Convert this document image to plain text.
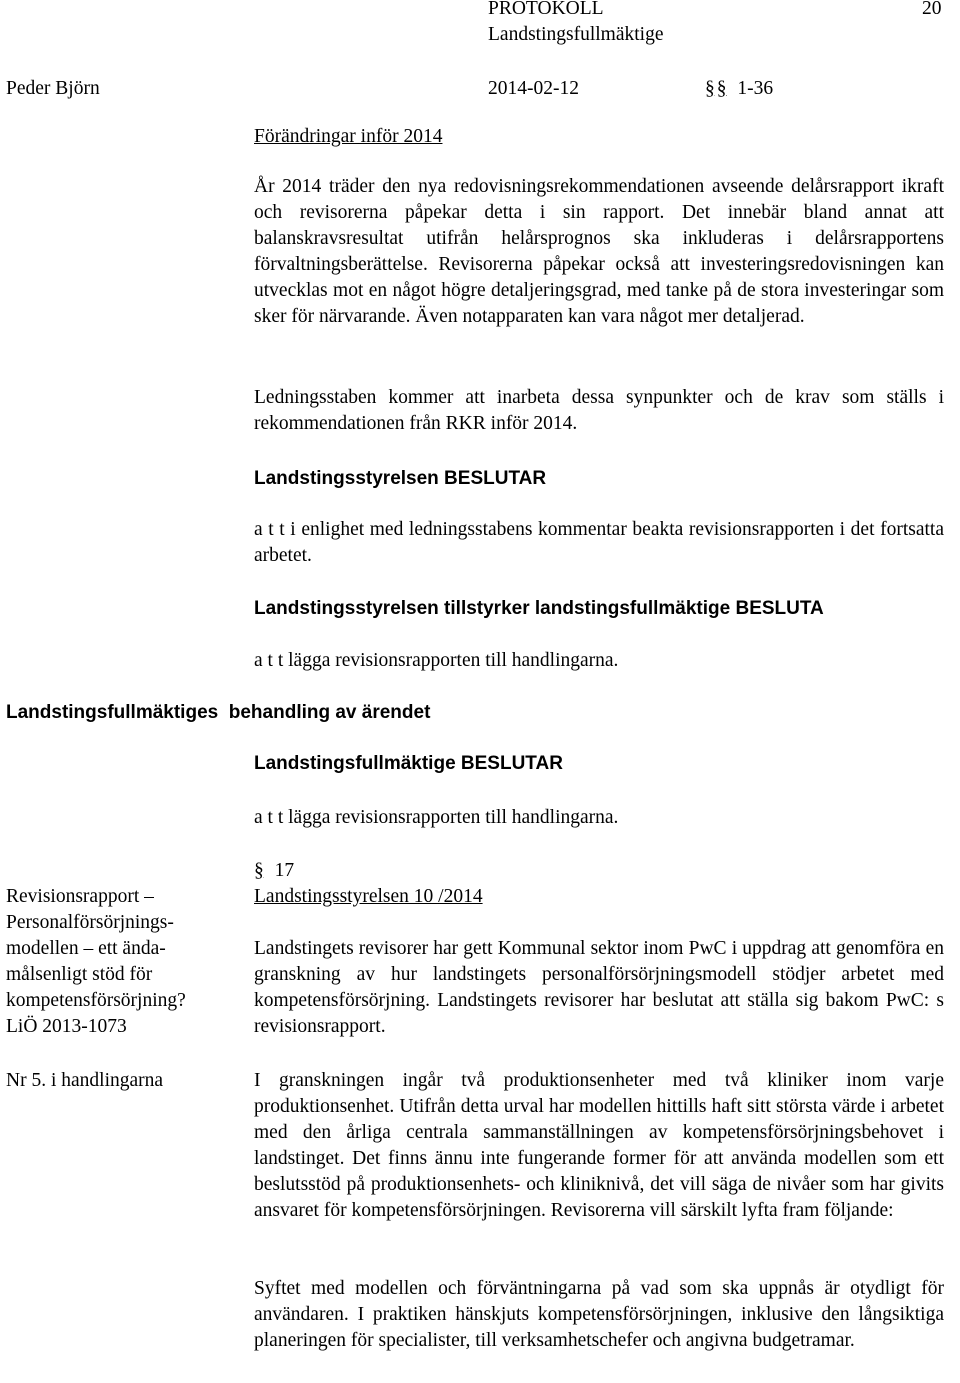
PROTOKOLL
Landstingsfullmäktige
20
Peder Björn	2014-02-12	§ § 1-36
Förändringar inför 2014

År 2014 träder den nya redovisningsrekommendationen avseende delårsrapport ikraft och revisorerna påpekar detta i sin rapport. Det innebär bland annat att balanskravsresultat utifrån helårsprognos ska inkluderas i delårsrapportens förvaltningsberättelse. Revisorerna påpekar också att investeringsredovisningen kan utvecklas mot en något högre detaljeringsgrad, med tanke på de stora investeringar som sker för närvarande. Även notapparaten kan vara något mer detaljerad.

Ledningsstaben kommer att inarbeta dessa synpunkter och de krav som ställs i rekommendationen från RKR inför 2014.

Landstingsstyrelsen BESLUTAR

a t t i enlighet med ledningsstabens kommentar beakta revisionsrapporten i det fortsatta arbetet.

Landstingsstyrelsen tillstyrker landstingsfullmäktige BESLUTA

a t t lägga revisionsrapporten till handlingarna.

Landstingsfullmäktiges  behandling av ärendet
Landstingsfullmäktige BESLUTAR

a t t lägga revisionsrapporten till handlingarna.

§ 17
Landstingsstyrelsen 10 /2014
Revisionsrapport –
Personalförsörjnings-
modellen – ett ända-
målsenligt stöd för
kompetensförsörjning?
LiÖ 2013-1073
Nr 5. i handlingarna

Landstingets revisorer har gett Kommunal sektor inom PwC i uppdrag att genomföra en granskning av hur landstingets personalförsörjningsmodell stödjer arbetet med kompetensförsörjning. Landstingets revisorer har beslutat att ställa sig bakom PwC: s revisionsrapport.

I granskningen ingår två produktionsenheter med två kliniker inom varje produktionsenhet. Utifrån detta urval har modellen hittills haft sitt största värde i arbetet med den årliga centrala sammanställningen av kompetensförsörjningsbehovet i landstinget. Det finns ännu inte fungerande former för att använda modellen som ett beslutsstöd på produktionsenhets- och kliniknivå, det vill säga de nivåer som har givits ansvaret för kompetensförsörjningen. Revisorerna vill särskilt lyfta fram följande:

Syftet med modellen och förväntningarna på vad som ska uppnås är otydligt för användaren. I praktiken hänskjuts kompetensförsörjningen, inklusive den långsiktiga planeringen för specialister, till verksamhetschefer och angivna budgetramar.
